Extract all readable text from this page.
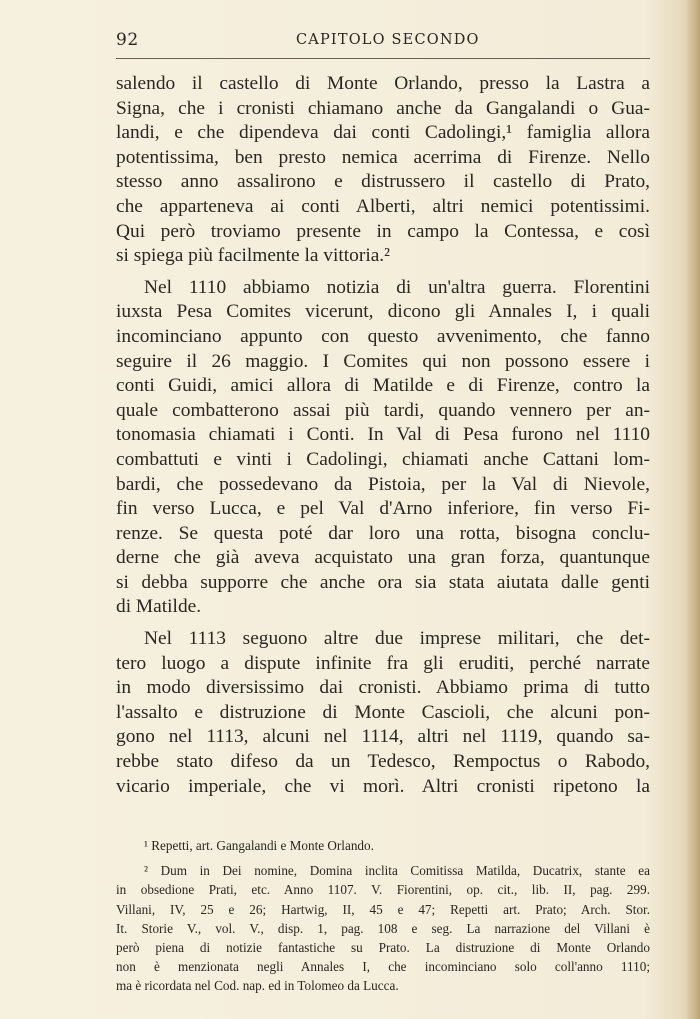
92	CAPITOLO SECONDO
salendo il castello di Monte Orlando, presso la Lastra a
Signa, che i cronisti chiamano anche da Gangalandi o Gua-
landi, e che dipendeva dai conti Cadolingi,¹ famiglia allora
potentissima, ben presto nemica acerrima di Firenze. Nello
stesso anno assalirono e distrussero il castello di Prato,
che apparteneva ai conti Alberti, altri nemici potentissimi.
Qui però troviamo presente in campo la Contessa, e così
si spiega più facilmente la vittoria.²
Nel 1110 abbiamo notizia di un'altra guerra. Florentini
iuxsta Pesa Comites vicerunt, dicono gli Annales I, i quali
incominciano appunto con questo avvenimento, che fanno
seguire il 26 maggio. I Comites qui non possono essere i
conti Guidi, amici allora di Matilde e di Firenze, contro la
quale combatterono assai più tardi, quando vennero per an-
tonomasia chiamati i Conti. In Val di Pesa furono nel 1110
combattuti e vinti i Cadolingi, chiamati anche Cattani lom-
bardi, che possedevano da Pistoia, per la Val di Nievole,
fin verso Lucca, e pel Val d'Arno inferiore, fin verso Fi-
renze. Se questa poté dar loro una rotta, bisogna conclu-
derne che già aveva acquistato una gran forza, quantunque
si debba supporre che anche ora sia stata aiutata dalle genti
di Matilde.
Nel 1113 seguono altre due imprese militari, che det-
tero luogo a dispute infinite fra gli eruditi, perché narrate
in modo diversissimo dai cronisti. Abbiamo prima di tutto
l'assalto e distruzione di Monte Cascioli, che alcuni pon-
gono nel 1113, alcuni nel 1114, altri nel 1119, quando sa-
rebbe stato difeso da un Tedesco, Rempoctus o Rabodo,
vicario imperiale, che vi morì. Altri cronisti ripetono la
¹ Repetti, art. Gangalandi e Monte Orlando.
² Dum in Dei nomine, Domina inclita Comitissa Matilda, Ducatrix, stante ea
in obsedione Prati, etc. Anno 1107. V. Fiorentini, op. cit., lib. II, pag. 299.
Villani, IV, 25 e 26; Hartwig, II, 45 e 47; Repetti art. Prato; Arch. Stor.
It. Storie V., vol. V., disp. 1, pag. 108 e seg. La narrazione del Villani è
però piena di notizie fantastiche su Prato. La distruzione di Monte Orlando
non è menzionata negli Annales I, che incominciano solo coll'anno 1110;
ma è ricordata nel Cod. nap. ed in Tolomeo da Lucca.
